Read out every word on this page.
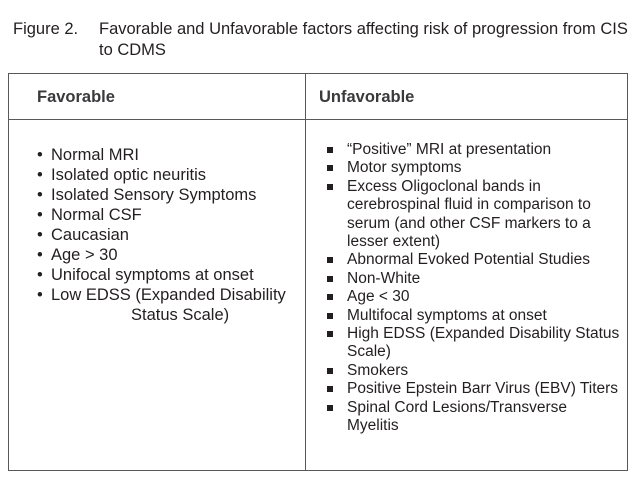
Figure 2. Favorable and Unfavorable factors affecting risk of progression from CIS to CDMS
Favorable	Unfavorable
• Normal MRI
• Isolated optic neuritis
• Isolated Sensory Symptoms
• Normal CSF
• Caucasian
• Age > 30
• Unifocal symptoms at onset
• Low EDSS (Expanded Disability
Status Scale)
“Positive” MRI at presentation
Motor symptoms
Excess Oligoclonal bands in cerebrospinal fluid in comparison to serum (and other CSF markers to a lesser extent)
Abnormal Evoked Potential Studies
Non-White
Age < 30
Multifocal symptoms at onset
High EDSS (Expanded Disability Status Scale)
Smokers
Positive Epstein Barr Virus (EBV) Titers
Spinal Cord Lesions/Transverse Myelitis
